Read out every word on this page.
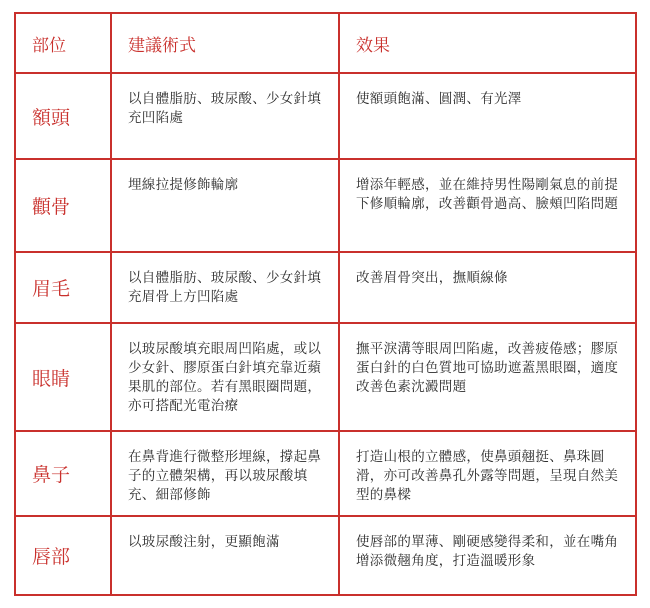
部位	建議術式	效果
額頭	以自體脂肪、玻尿酸、少女針填充凹陷處	使額頭飽滿、圓潤、有光澤
顴骨	埋線拉提修飾輪廓	增添年輕感，並在維持男性陽剛氣息的前提下修順輪廓，改善顴骨過高、臉頰凹陷問題
眉毛	以自體脂肪、玻尿酸、少女針填充眉骨上方凹陷處	改善眉骨突出，撫順線條
眼睛	以玻尿酸填充眼周凹陷處，或以少女針、膠原蛋白針填充靠近蘋果肌的部位。若有黑眼圈問題，亦可搭配光電治療	撫平淚溝等眼周凹陷處，改善疲倦感；膠原蛋白針的白色質地可協助遮蓋黑眼圈，適度改善色素沈澱問題
鼻子	在鼻背進行微整形埋線，撐起鼻子的立體架構，再以玻尿酸填充、細部修飾	打造山根的立體感，使鼻頭翹挺、鼻珠圓滑，亦可改善鼻孔外露等問題，呈現自然美型的鼻樑
唇部	以玻尿酸注射，更顯飽滿	使唇部的單薄、剛硬感變得柔和，並在嘴角增添微翹角度，打造溫暖形象
